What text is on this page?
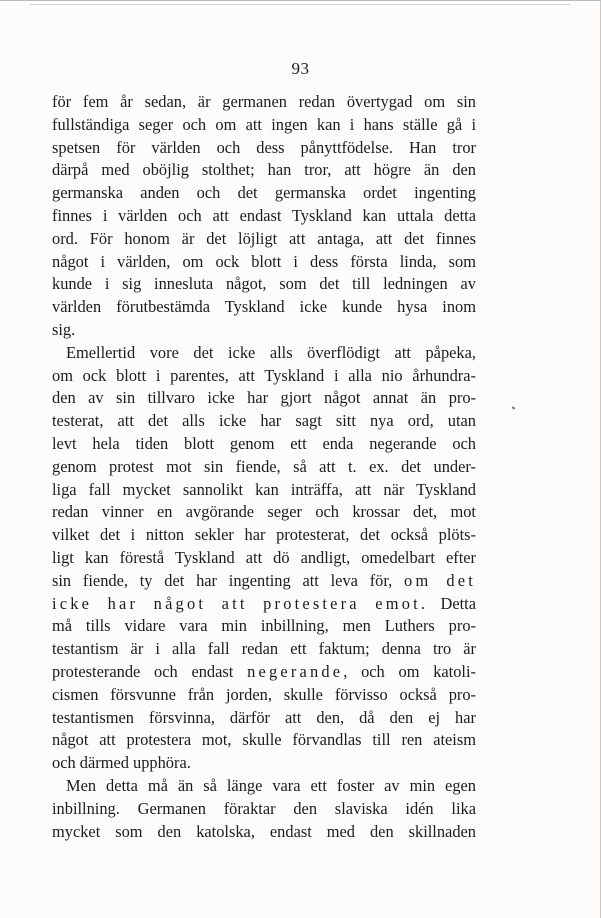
93
för fem år sedan, är germanen redan övertygad om sin
fullständiga seger och om att ingen kan i hans ställe gå i
spetsen för världen och dess pånyttfödelse. Han tror
därpå med oböjlig stolthet; han tror, att högre än den
germanska anden och det germanska ordet ingenting
finnes i världen och att endast Tyskland kan uttala detta
ord. För honom är det löjligt att antaga, att det finnes
något i världen, om ock blott i dess första linda, som
kunde i sig innesluta något, som det till ledningen av
världen förutbestämda Tyskland icke kunde hysa inom
sig.
Emellertid vore det icke alls överflödigt att påpeka,
om ock blott i parentes, att Tyskland i alla nio århundra-
den av sin tillvaro icke har gjort något annat än pro-
testerat, att det alls icke har sagt sitt nya ord, utan
levt hela tiden blott genom ett enda negerande och
genom protest mot sin fiende, så att t. ex. det under-
liga fall mycket sannolikt kan inträffa, att när Tyskland
redan vinner en avgörande seger och krossar det, mot
vilket det i nitton sekler har protesterat, det också plöts-
ligt kan förestå Tyskland att dö andligt, omedelbart efter
sin fiende, ty det har ingenting att leva för, om det
icke har något att protestera emot. Detta
må tills vidare vara min inbillning, men Luthers pro-
testantism är i alla fall redan ett faktum; denna tro är
protesterande och endast negerande, och om katoli-
cismen försvunne från jorden, skulle förvisso också pro-
testantismen försvinna, därför att den, då den ej har
något att protestera mot, skulle förvandlas till ren ateism
och därmed upphöra.
Men detta må än så länge vara ett foster av min egen
inbillning. Germanen föraktar den slaviska idén lika
mycket som den katolska, endast med den skillnaden
